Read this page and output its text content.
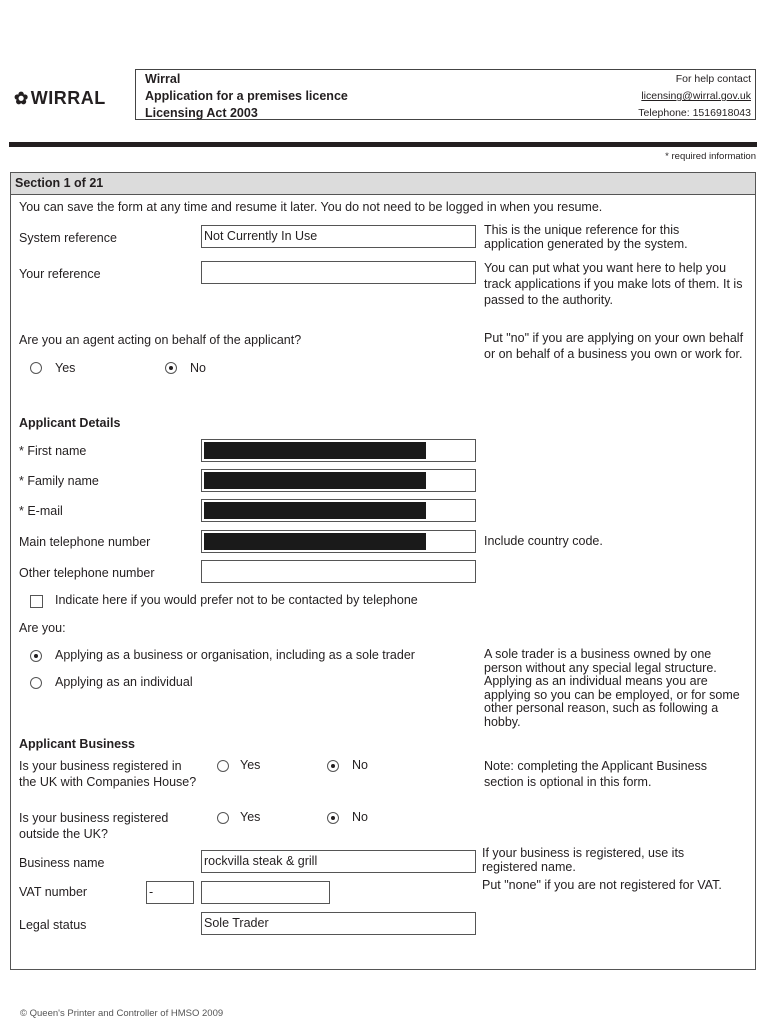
✿ WIRRAL
Wirral
Application for a premises licence
Licensing Act 2003
For help contact
licensing@wirral.gov.uk
Telephone: 1516918043
* required information
Section 1 of 21
You can save the form at any time and resume it later. You do not need to be logged in when you resume.
System reference	Not Currently In Use	This is the unique reference for this application generated by the system.
Your reference	You can put what you want here to help you track applications if you make lots of them. It is passed to the authority.
Are you an agent acting on behalf of the applicant?
Yes	No
Put "no" if you are applying on your own behalf or on behalf of a business you own or work for.
Applicant Details
* First name
* Family name
* E-mail
Main telephone number	Include country code.
Other telephone number
Indicate here if you would prefer not to be contacted by telephone
Are you:
Applying as a business or organisation, including as a sole trader
Applying as an individual
A sole trader is a business owned by one person without any special legal structure. Applying as an individual means you are applying so you can be employed, or for some other personal reason, such as following a hobby.
Applicant Business
Is your business registered in the UK with Companies House?
Yes	No	Note: completing the Applicant Business section is optional in this form.
Is your business registered outside the UK?
Yes	No
Business name	rockvilla steak & grill
If your business is registered, use its registered name.
VAT number	-	Put "none" if you are not registered for VAT.
Legal status	Sole Trader
© Queen's Printer and Controller of HMSO 2009
